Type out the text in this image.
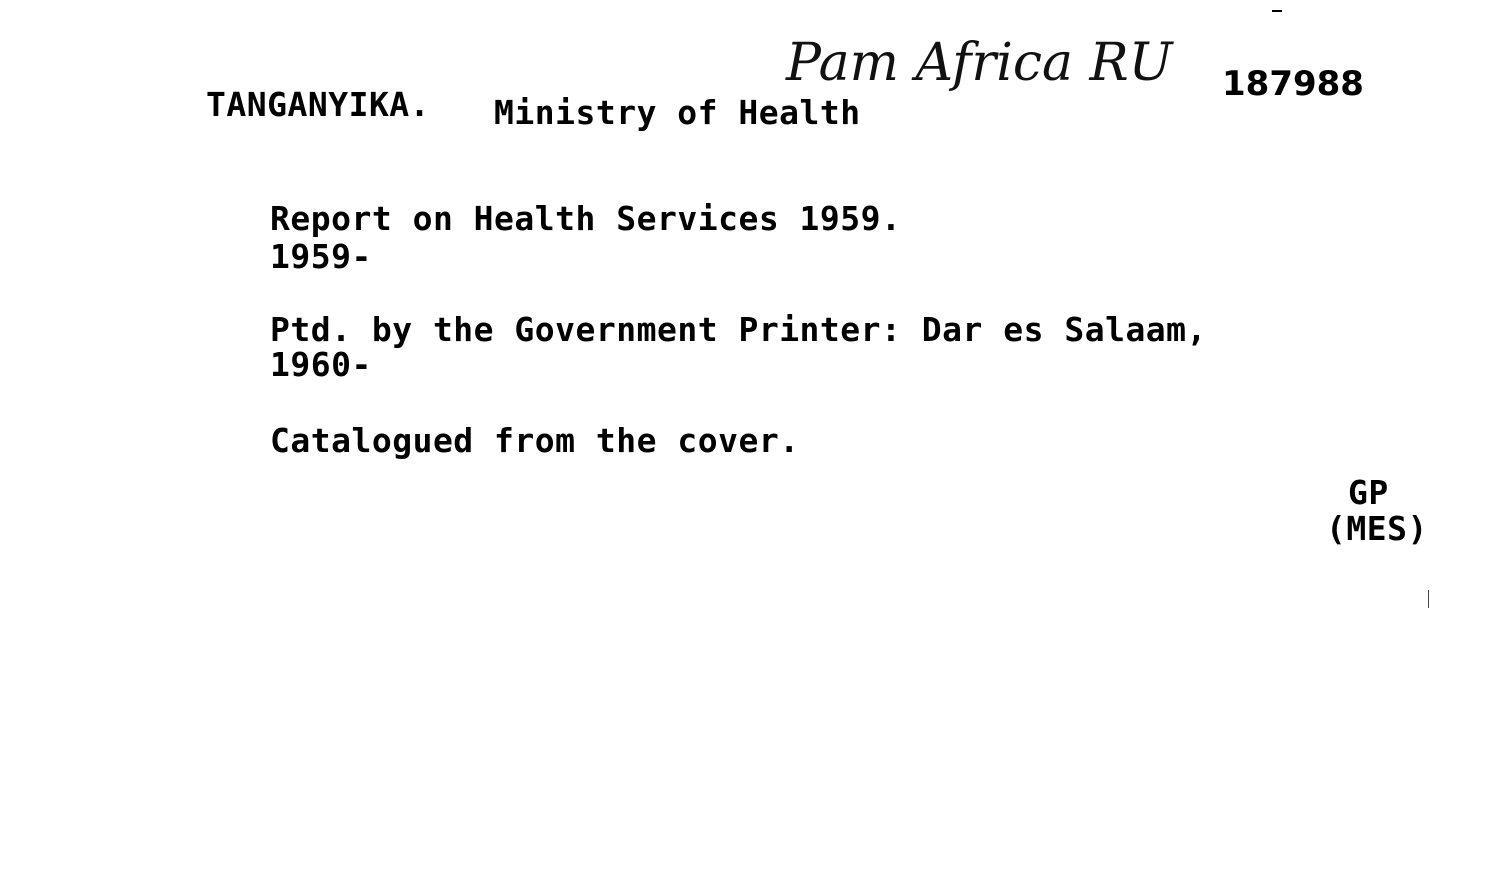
TANGANYIKA. Ministry of Health
Pam Africa RU 187988
Report on Health Services 1959.
1959-
Ptd. by the Government Printer: Dar es Salaam,
1960-
Catalogued from the cover.
GP
(MES)
